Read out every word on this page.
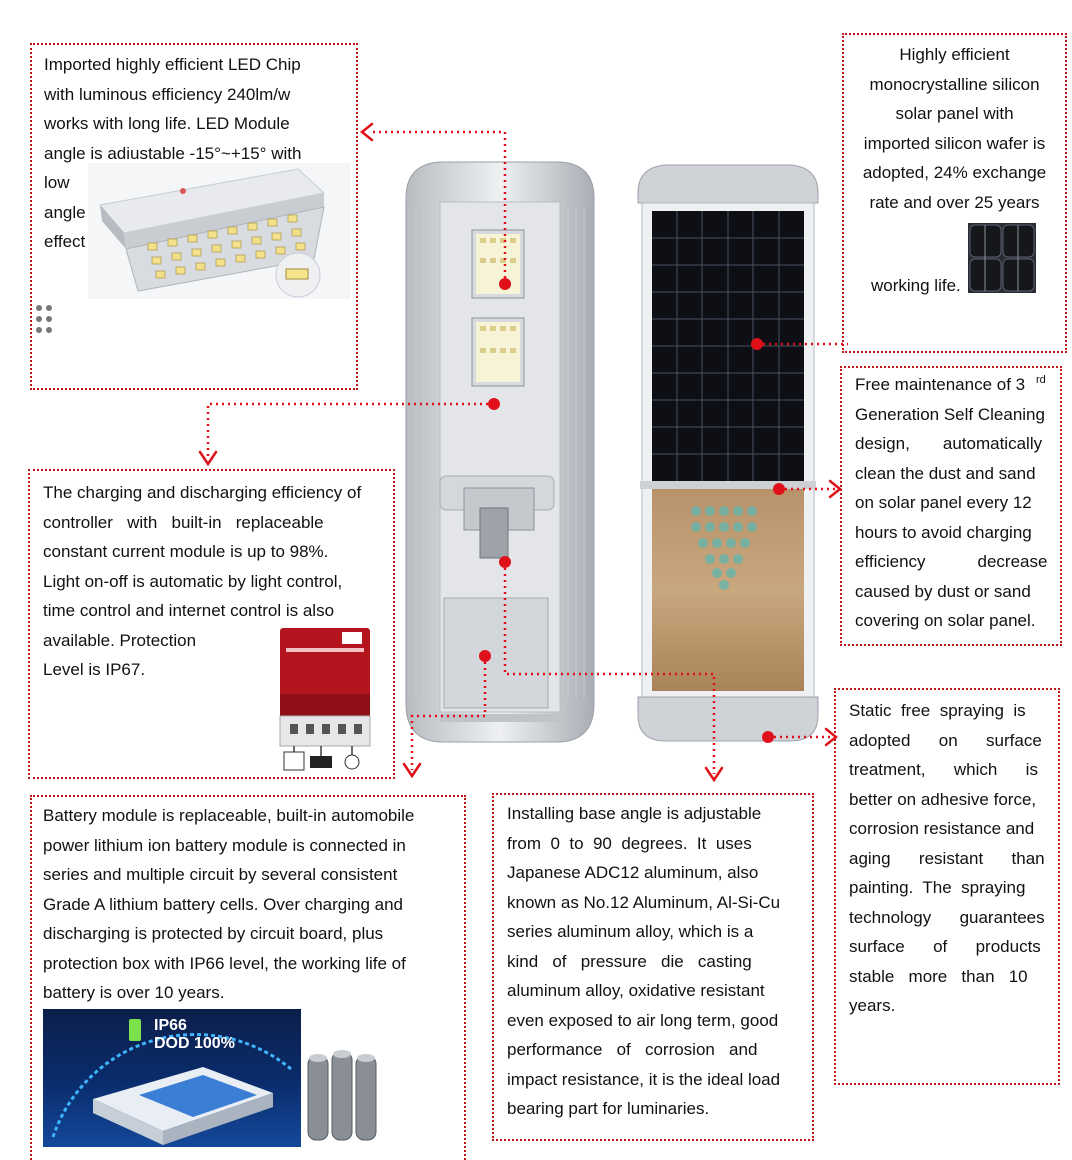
Imported highly efficient LED Chip
with luminous efficiency 240lm/w
works with long life. LED Module
angle is adiustable -15°~+15° with
low
angle
effect
Highly efficient
monocrystalline silicon
solar panel with
imported silicon wafer is
adopted, 24% exchange
rate and over 25 years
working life.
Free maintenance of 3
Generation Self Cleaning
design,       automatically
clean the dust and sand
on solar panel every 12
hours to avoid charging
efficiency           decrease
caused by dust or sand
covering on solar panel.
rd
The charging and discharging efficiency of
controller   with   built-in   replaceable
constant current module is up to 98%.
Light on-off is automatic by light control,
time control and internet control is also
available. Protection
Level is IP67.
Battery module is replaceable, built-in automobile
power lithium ion battery module is connected in
series and multiple circuit by several consistent
Grade A lithium battery cells. Over charging and
discharging is protected by circuit board, plus
protection box with IP66 level, the working life of
battery is over 10 years.
Installing base angle is adjustable
from  0  to  90  degrees.  It  uses
Japanese ADC12 aluminum, also
known as No.12 Aluminum, Al-Si-Cu
series aluminum alloy, which is a
kind   of   pressure   die   casting
aluminum alloy, oxidative resistant
even exposed to air long term, good
performance   of   corrosion   and
impact resistance, it is the ideal load
bearing part for luminaries.
Static  free  spraying  is
adopted      on      surface
treatment,      which      is
better on adhesive force,
corrosion resistance and
aging      resistant      than
painting.  The  spraying
technology      guarantees
surface      of      products
stable   more   than   10
years.
IP66
DOD 100%
